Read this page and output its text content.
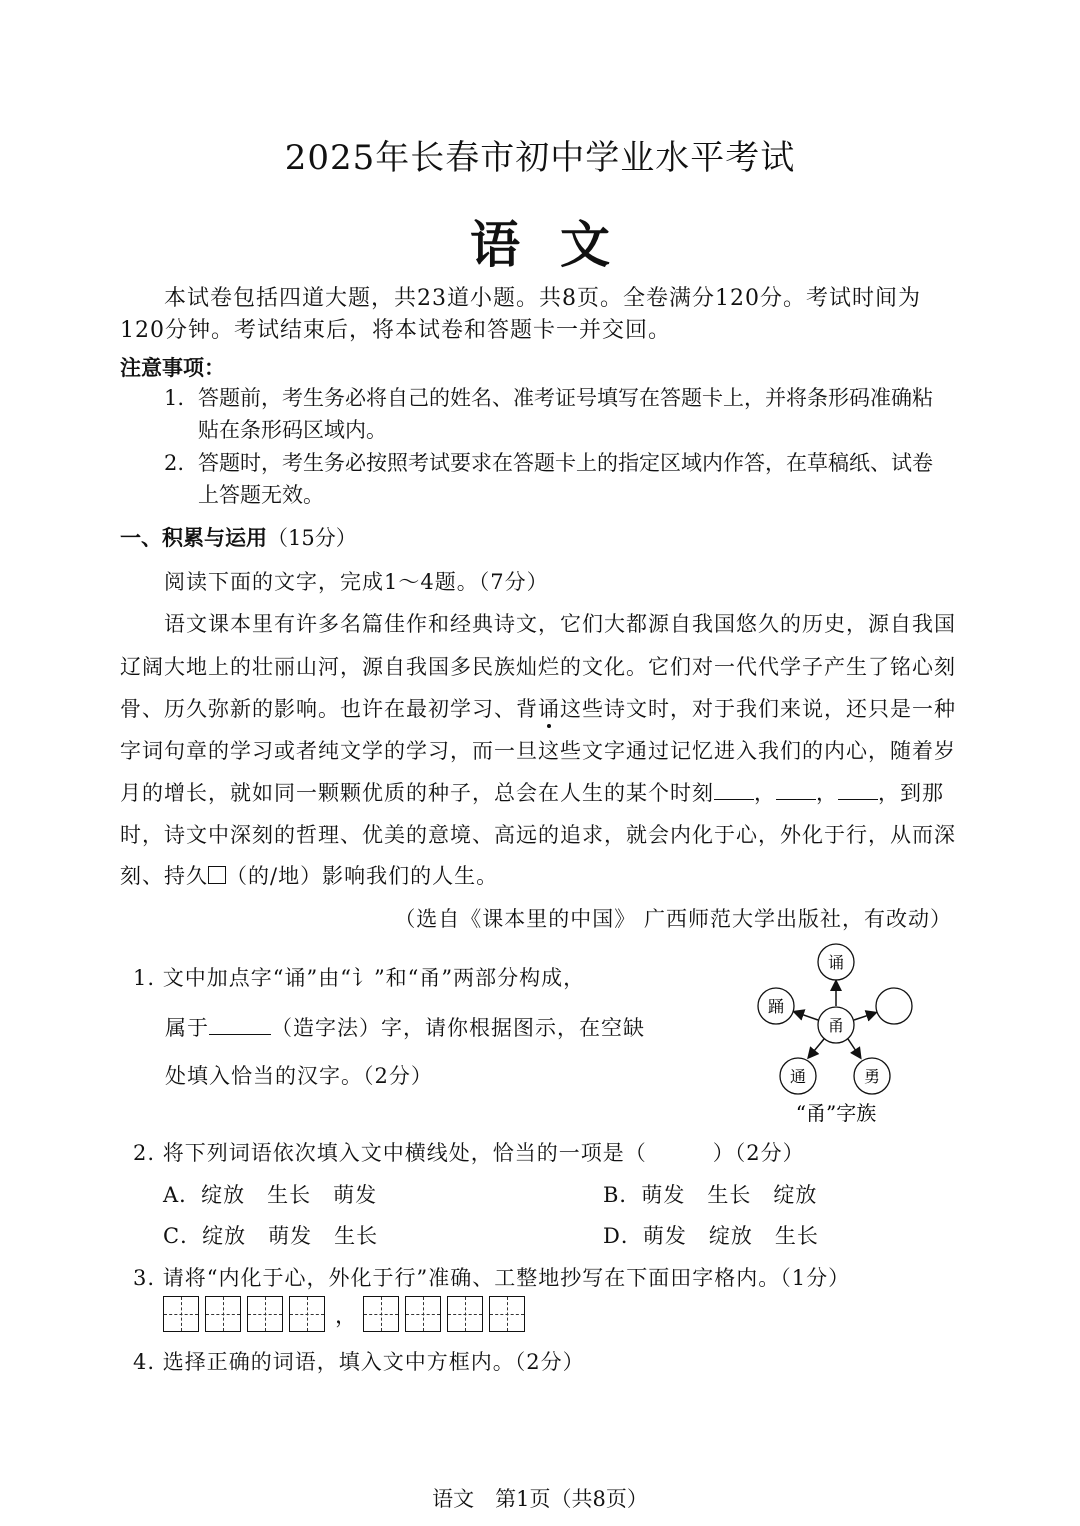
2025年长春市初中学业水平考试
语文
本试卷包括四道大题，共23道小题。共8页。全卷满分120分。考试时间为120分钟。考试结束后，将本试卷和答题卡一并交回。
注意事项：
1. 答题前，考生务必将自己的姓名、准考证号填写在答题卡上，并将条形码准确粘
贴在条形码区域内。
2. 答题时，考生务必按照考试要求在答题卡上的指定区域内作答，在草稿纸、试卷
上答题无效。
一、积累与运用（15分）
阅读下面的文字，完成1～4题。（7分）
语文课本里有许多名篇佳作和经典诗文，它们大都源自我国悠久的历史，源自我国
辽阔大地上的壮丽山河，源自我国多民族灿烂的文化。它们对一代代学子产生了铭心刻
骨、历久弥新的影响。也许在最初学习、背诵这些诗文时，对于我们来说，还只是一种
字词句章的学习或者纯文学的学习，而一旦这些文字通过记忆进入我们的内心，随着岁
月的增长，就如同一颗颗优质的种子，总会在人生的某个时刻 ， ， ，到那
时，诗文中深刻的哲理、优美的意境、高远的追求，就会内化于心，外化于行，从而深
刻、持久 （的/地）影响我们的人生。
（选自《课本里的中国》 广西师范大学出版社，有改动）
1. 文中加点字“诵”由“讠”和“甬”两部分构成，
属于	（造字法）字，请你根据图示，在空缺
处填入恰当的汉字。（2分）
甬
诵
踊
通	勇
“甬”字族
2. 将下列词语依次填入文中横线处，恰当的一项是（　　　）（2分）
A．绽放　生长　萌发	B．萌发　生长　绽放
C．绽放　萌发　生长	D．萌发　绽放　生长
3. 请将“内化于心，外化于行”准确、工整地抄写在下面田字格内。（1分）
，
4. 选择正确的词语，填入文中方框内。（2分）
语文　第1页（共8页）
